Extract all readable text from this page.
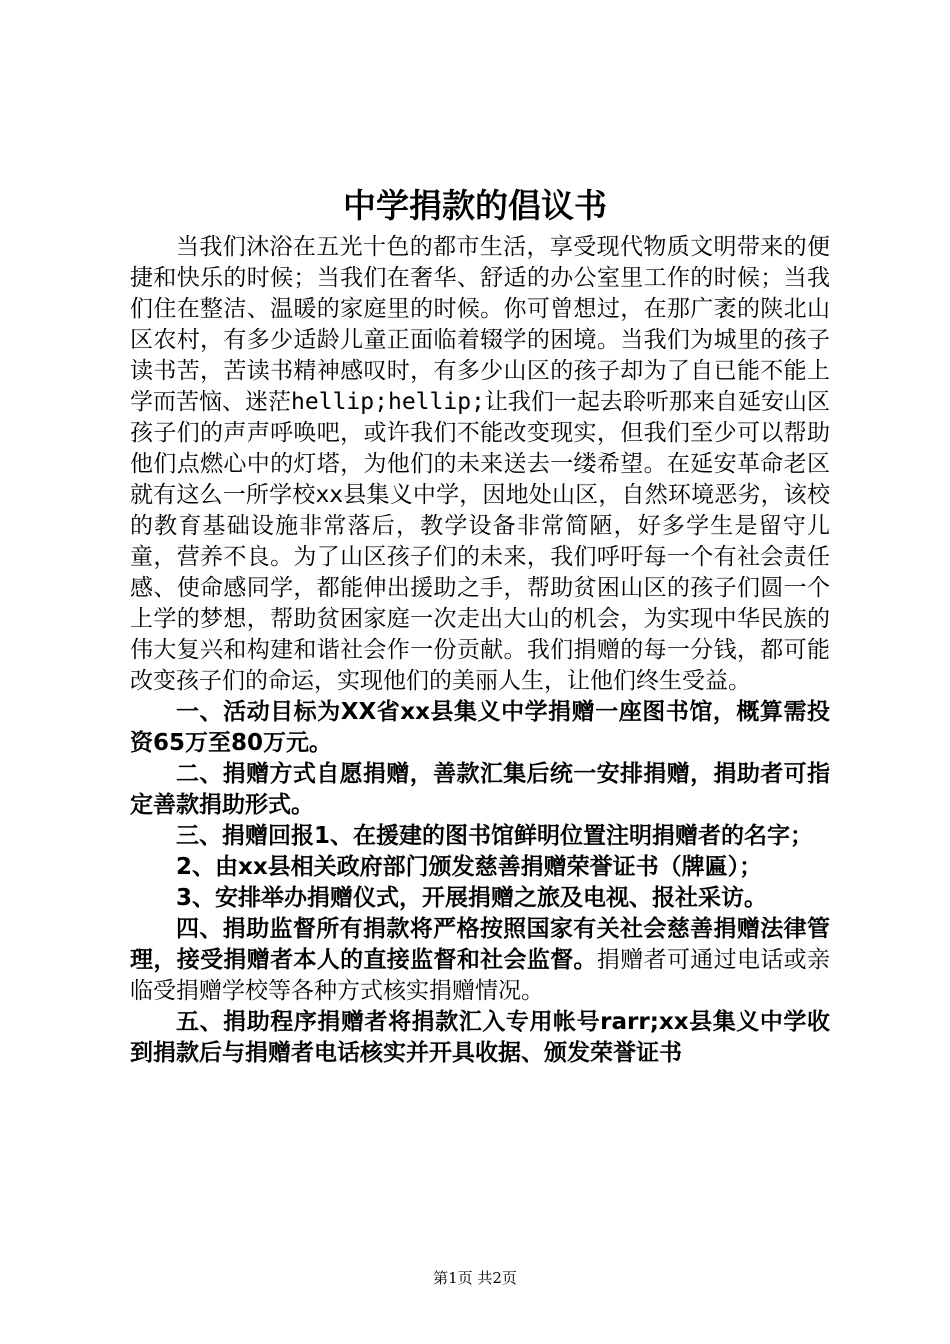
中学捐款的倡议书

当我们沐浴在五光十色的都市生活，享受现代物质文明带来的便捷和快乐的时候；当我们在奢华、舒适的办公室里工作的时候；当我们住在整洁、温暖的家庭里的时候。你可曾想过，在那广袤的陕北山区农村，有多少适龄儿童正面临着辍学的困境。当我们为城里的孩子读书苦，苦读书精神感叹时，有多少山区的孩子却为了自已能不能上学而苦恼、迷茫hellip;hellip;让我们一起去聆听那来自延安山区孩子们的声声呼唤吧，或许我们不能改变现实，但我们至少可以帮助他们点燃心中的灯塔，为他们的未来送去一缕希望。在延安革命老区就有这么一所学校xx县集义中学，因地处山区，自然环境恶劣，该校的教育基础设施非常落后，教学设备非常简陋，好多学生是留守儿童，营养不良。为了山区孩子们的未来，我们呼吁每一个有社会责任感、使命感同学，都能伸出援助之手，帮助贫困山区的孩子们圆一个上学的梦想，帮助贫困家庭一次走出大山的机会，为实现中华民族的伟大复兴和构建和谐社会作一份贡献。我们捐赠的每一分钱，都可能改变孩子们的命运，实现他们的美丽人生，让他们终生受益。

一、活动目标为XX省xx县集义中学捐赠一座图书馆，概算需投资65万至80万元。

二、捐赠方式自愿捐赠，善款汇集后统一安排捐赠，捐助者可指定善款捐助形式。

三、捐赠回报1、在援建的图书馆鲜明位置注明捐赠者的名字；

2、由xx县相关政府部门颁发慈善捐赠荣誉证书（牌匾）；

3、安排举办捐赠仪式，开展捐赠之旅及电视、报社采访。

四、捐助监督所有捐款将严格按照国家有关社会慈善捐赠法律管理，接受捐赠者本人的直接监督和社会监督。捐赠者可通过电话或亲临受捐赠学校等各种方式核实捐赠情况。

五、捐助程序捐赠者将捐款汇入专用帐号rarr;xx县集义中学收到捐款后与捐赠者电话核实并开具收据、颁发荣誉证书

第1页 共2页
